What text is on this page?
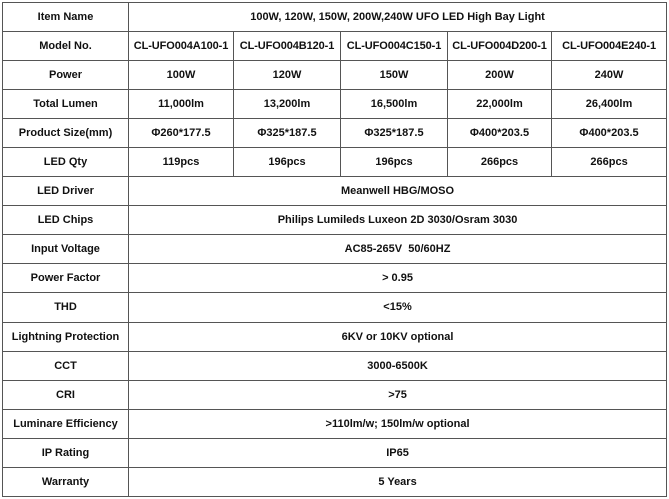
Item Name	100W, 120W, 150W, 200W,240W UFO LED High Bay Light				
Model No.	CL-UFO004A100-1	CL-UFO004B120-1	CL-UFO004C150-1	CL-UFO004D200-1	CL-UFO004E240-1
Power	100W	120W	150W	200W	240W
Total Lumen	11,000lm	13,200lm	16,500lm	22,000lm	26,400lm
Product Size(mm)	Φ260*177.5	Φ325*187.5	Φ325*187.5	Φ400*203.5	Φ400*203.5
LED Qty	119pcs	196pcs	196pcs	266pcs	266pcs
LED Driver	Meanwell HBG/MOSO				
LED Chips	Philips Lumileds Luxeon 2D 3030/Osram 3030				
Input Voltage	AC85-265V  50/60HZ				
Power Factor	> 0.95				
THD	<15%				
Lightning Protection	6KV or 10KV optional				
CCT	3000-6500K				
CRI	>75				
Luminare Efficiency	>110lm/w; 150lm/w optional				
IP Rating	IP65				
Warranty	5 Years				
